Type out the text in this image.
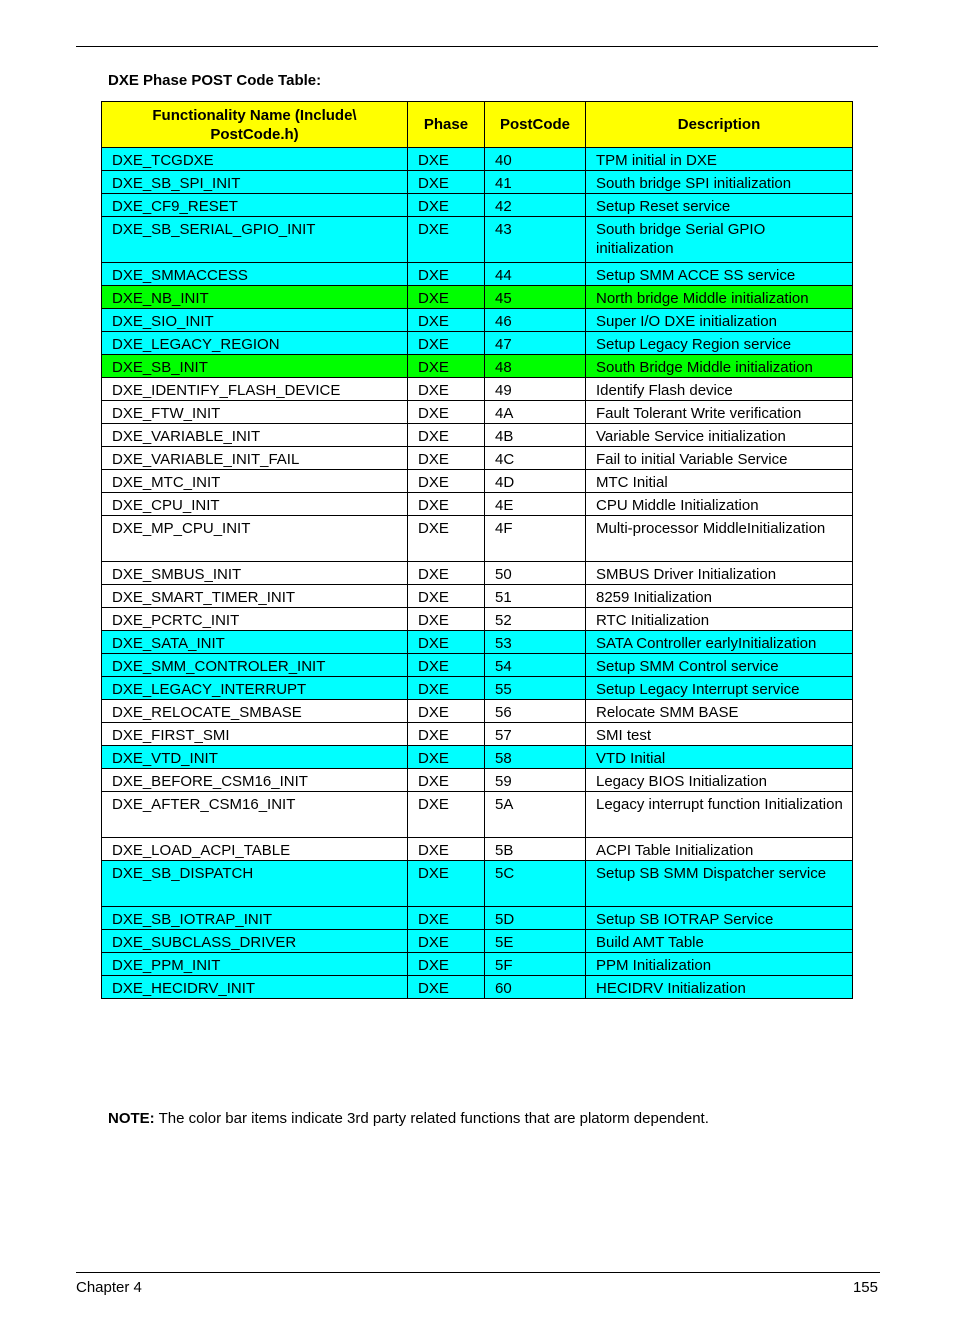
DXE Phase POST Code Table:
Functionality Name (Include\ PostCode.h)	Phase	PostCode	Description
DXE_TCGDXE	DXE	40	TPM initial in DXE
DXE_SB_SPI_INIT	DXE	41	South bridge SPI initialization
DXE_CF9_RESET	DXE	42	Setup Reset service
DXE_SB_SERIAL_GPIO_INIT	DXE	43	South bridge Serial GPIO initialization
DXE_SMMACCESS	DXE	44	Setup SMM ACCE SS service
DXE_NB_INIT	DXE	45	North bridge Middle initialization
DXE_SIO_INIT	DXE	46	Super I/O DXE initialization
DXE_LEGACY_REGION	DXE	47	Setup Legacy Region service
DXE_SB_INIT	DXE	48	South Bridge Middle initialization
DXE_IDENTIFY_FLASH_DEVICE	DXE	49	Identify Flash device
DXE_FTW_INIT	DXE	4A	Fault Tolerant Write verification
DXE_VARIABLE_INIT	DXE	4B	Variable Service initialization
DXE_VARIABLE_INIT_FAIL	DXE	4C	Fail to initial Variable Service
DXE_MTC_INIT	DXE	4D	MTC Initial
DXE_CPU_INIT	DXE	4E	CPU Middle Initialization
DXE_MP_CPU_INIT	DXE	4F	Multi-processor MiddleInitialization
DXE_SMBUS_INIT	DXE	50	SMBUS Driver Initialization
DXE_SMART_TIMER_INIT	DXE	51	8259 Initialization
DXE_PCRTC_INIT	DXE	52	RTC Initialization
DXE_SATA_INIT	DXE	53	SATA Controller earlyInitialization
DXE_SMM_CONTROLER_INIT	DXE	54	Setup SMM Control service
DXE_LEGACY_INTERRUPT	DXE	55	Setup Legacy Interrupt service
DXE_RELOCATE_SMBASE	DXE	56	Relocate SMM BASE
DXE_FIRST_SMI	DXE	57	SMI test
DXE_VTD_INIT	DXE	58	VTD Initial
DXE_BEFORE_CSM16_INIT	DXE	59	Legacy BIOS Initialization
DXE_AFTER_CSM16_INIT	DXE	5A	Legacy interrupt function Initialization
DXE_LOAD_ACPI_TABLE	DXE	5B	ACPI Table Initialization
DXE_SB_DISPATCH	DXE	5C	Setup SB SMM Dispatcher service
DXE_SB_IOTRAP_INIT	DXE	5D	Setup SB IOTRAP Service
DXE_SUBCLASS_DRIVER	DXE	5E	Build AMT Table
DXE_PPM_INIT	DXE	5F	PPM Initialization
DXE_HECIDRV_INIT	DXE	60	HECIDRV Initialization
NOTE: The color bar items indicate 3rd party related functions that are platorm dependent.
Chapter 4	155
